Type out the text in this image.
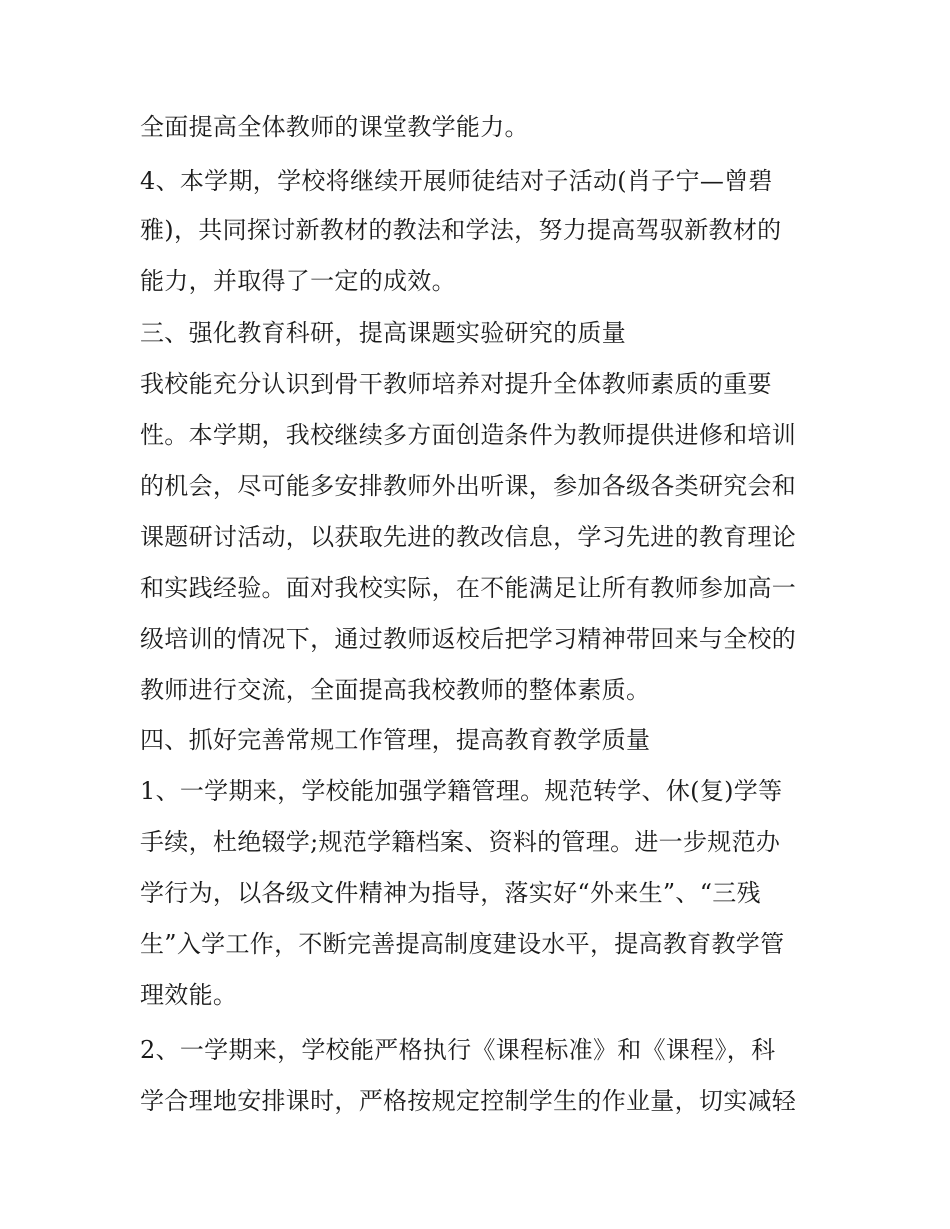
全面提高全体教师的课堂教学能力。
4、本学期，学校将继续开展师徒结对子活动(肖子宁—曾碧
雅)，共同探讨新教材的教法和学法，努力提高驾驭新教材的
能力，并取得了一定的成效。
三、强化教育科研，提高课题实验研究的质量
我校能充分认识到骨干教师培养对提升全体教师素质的重要
性。本学期，我校继续多方面创造条件为教师提供进修和培训
的机会，尽可能多安排教师外出听课，参加各级各类研究会和
课题研讨活动，以获取先进的教改信息，学习先进的教育理论
和实践经验。面对我校实际，在不能满足让所有教师参加高一
级培训的情况下，通过教师返校后把学习精神带回来与全校的
教师进行交流，全面提高我校教师的整体素质。
四、抓好完善常规工作管理，提高教育教学质量
1、一学期来，学校能加强学籍管理。规范转学、休(复)学等
手续，杜绝辍学;规范学籍档案、资料的管理。进一步规范办
学行为，以各级文件精神为指导，落实好“外来生”、“三残
生”入学工作，不断完善提高制度建设水平，提高教育教学管
理效能。
2、一学期来，学校能严格执行《课程标准》和《课程》，科
学合理地安排课时，严格按规定控制学生的作业量，切实减轻
